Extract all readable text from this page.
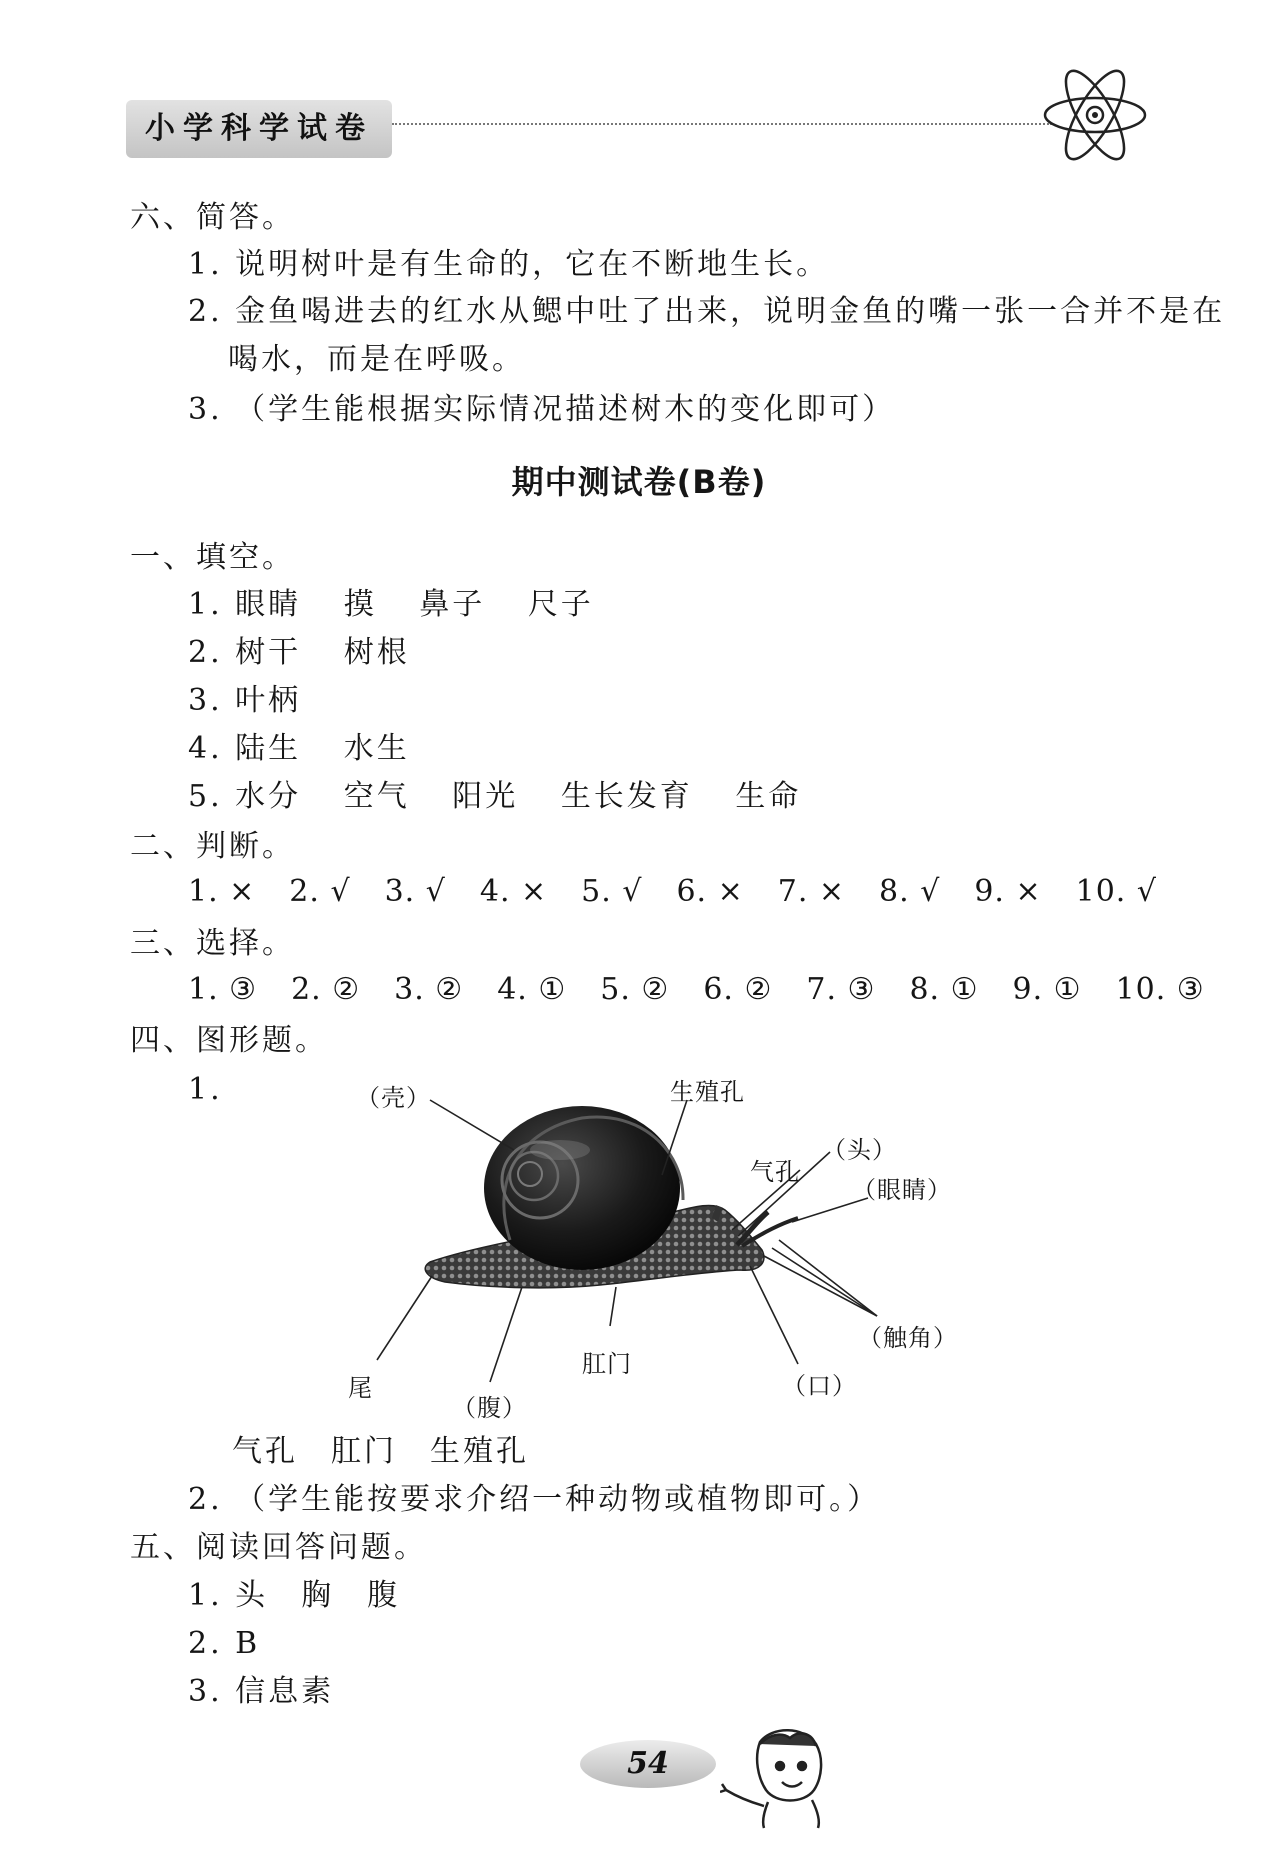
小学科学试卷
六、简答。
1. 说明树叶是有生命的，它在不断地生长。
2. 金鱼喝进去的红水从鳃中吐了出来，说明金鱼的嘴一张一合并不是在
喝水，而是在呼吸。
3. （学生能根据实际情况描述树木的变化即可）
期中测试卷(B卷)
一、填空。
1. 眼睛 摸 鼻子 尺子
2. 树干 树根
3. 叶柄
4. 陆生 水生
5. 水分 空气 阳光 生长发育 生命
二、判断。
1. × 2. √ 3. √ 4. × 5. √ 6. × 7. × 8. √ 9. × 10. √
三、选择。
1. ③ 2. ② 3. ② 4. ① 5. ② 6. ② 7. ③ 8. ① 9. ① 10. ③
四、图形题。
1.	（壳）	生殖孔
（头）
气孔
（眼睛）
（触角）
（口）
肛门
尾
（腹）
气孔　肛门　生殖孔
2. （学生能按要求介绍一种动物或植物即可。）
五、阅读回答问题。
1. 头　胸　腹
2. B
3. 信息素
54
